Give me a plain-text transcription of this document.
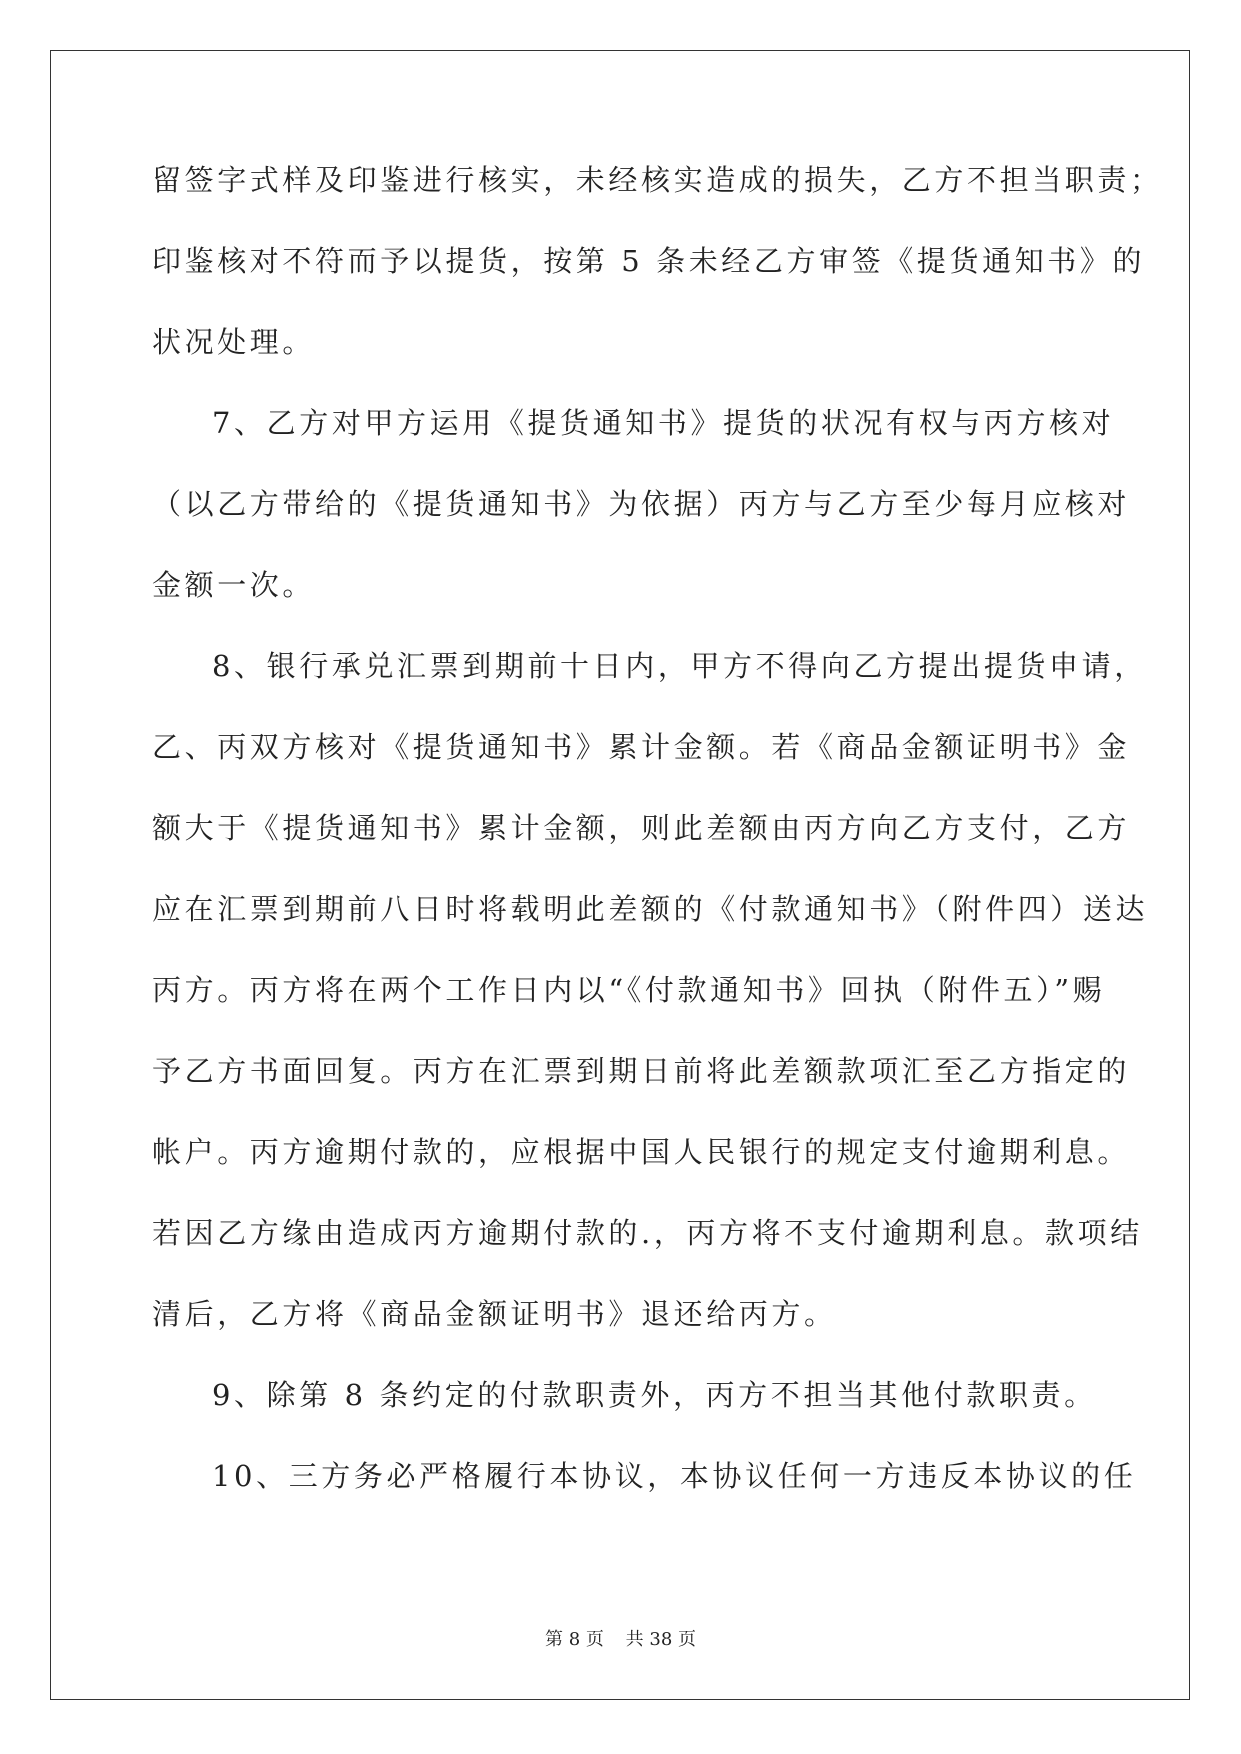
留签字式样及印鉴进行核实，未经核实造成的损失，乙方不担当职责；
印鉴核对不符而予以提货，按第 5 条未经乙方审签《提货通知书》的
状况处理。
7、乙方对甲方运用《提货通知书》提货的状况有权与丙方核对
（以乙方带给的《提货通知书》为依据）丙方与乙方至少每月应核对
金额一次。
8、银行承兑汇票到期前十日内，甲方不得向乙方提出提货申请，
乙、丙双方核对《提货通知书》累计金额。若《商品金额证明书》金
额大于《提货通知书》累计金额，则此差额由丙方向乙方支付，乙方
应在汇票到期前八日时将载明此差额的《付款通知书》（附件四）送达
丙方。丙方将在两个工作日内以“《付款通知书》回执（附件五）”赐
予乙方书面回复。丙方在汇票到期日前将此差额款项汇至乙方指定的
帐户。丙方逾期付款的，应根据中国人民银行的规定支付逾期利息。
若因乙方缘由造成丙方逾期付款的.，丙方将不支付逾期利息。款项结
清后，乙方将《商品金额证明书》退还给丙方。
9、除第 8 条约定的付款职责外，丙方不担当其他付款职责。
10、三方务必严格履行本协议，本协议任何一方违反本协议的任
第 8 页 共 38 页
